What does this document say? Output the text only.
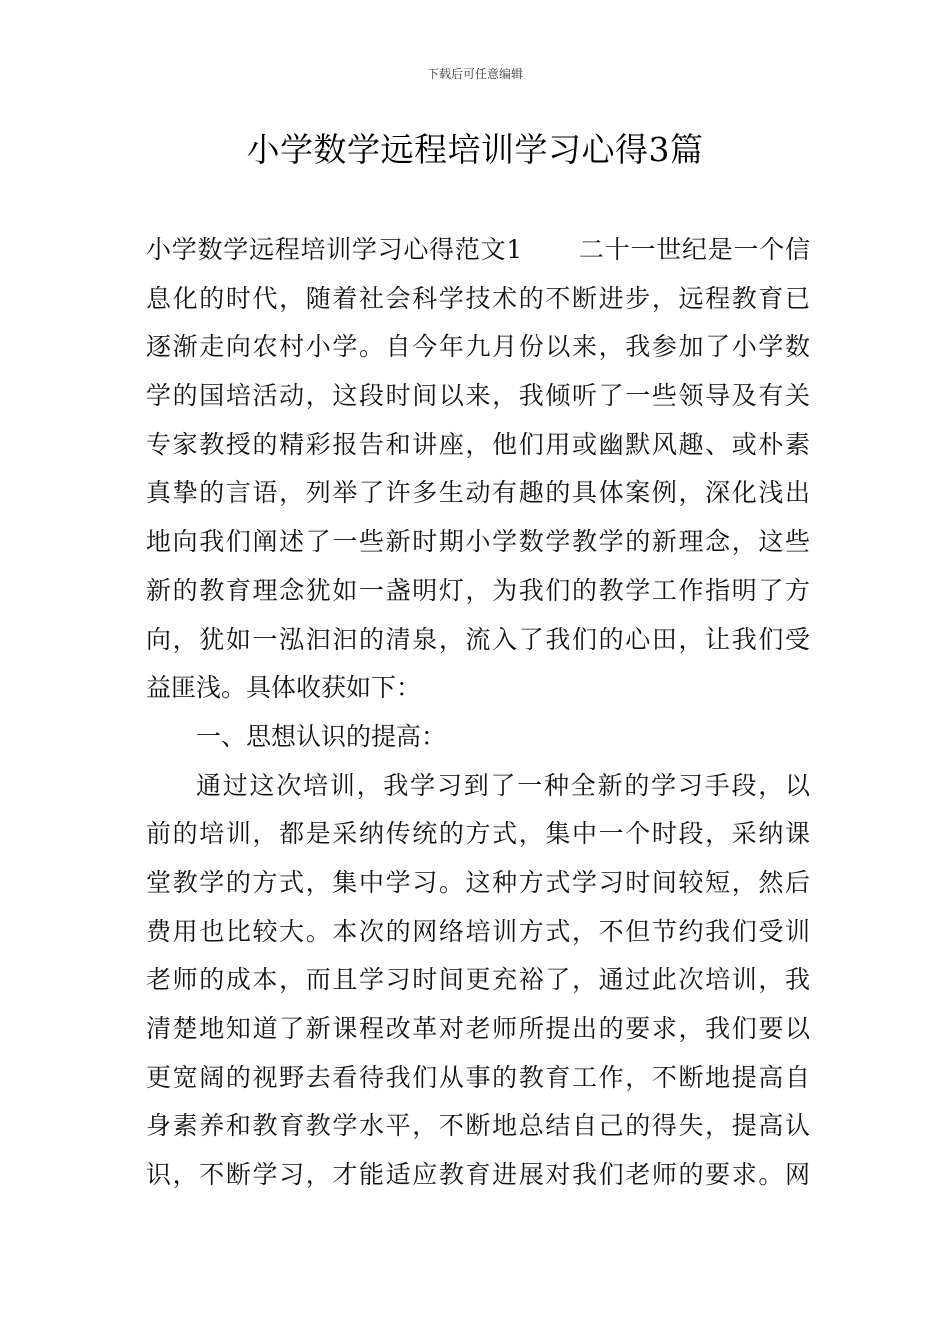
下载后可任意编辑
小学数学远程培训学习心得3篇
小学数学远程培训学习心得范文1 二十一世纪是一个信
息化的时代，随着社会科学技术的不断进步，远程教育已
逐渐走向农村小学。自今年九月份以来，我参加了小学数
学的国培活动，这段时间以来，我倾听了一些领导及有关
专家教授的精彩报告和讲座，他们用或幽默风趣、或朴素
真挚的言语，列举了许多生动有趣的具体案例，深化浅出
地向我们阐述了一些新时期小学数学教学的新理念，这些
新的教育理念犹如一盏明灯，为我们的教学工作指明了方
向，犹如一泓汩汩的清泉，流入了我们的心田，让我们受
益匪浅。具体收获如下：
一、思想认识的提高：
通过这次培训，我学习到了一种全新的学习手段，以
前的培训，都是采纳传统的方式，集中一个时段，采纳课
堂教学的方式，集中学习。这种方式学习时间较短，然后
费用也比较大。本次的网络培训方式，不但节约我们受训
老师的成本，而且学习时间更充裕了，通过此次培训，我
清楚地知道了新课程改革对老师所提出的要求，我们要以
更宽阔的视野去看待我们从事的教育工作，不断地提高自
身素养和教育教学水平，不断地总结自己的得失，提高认
识，不断学习，才能适应教育进展对我们老师的要求。网
